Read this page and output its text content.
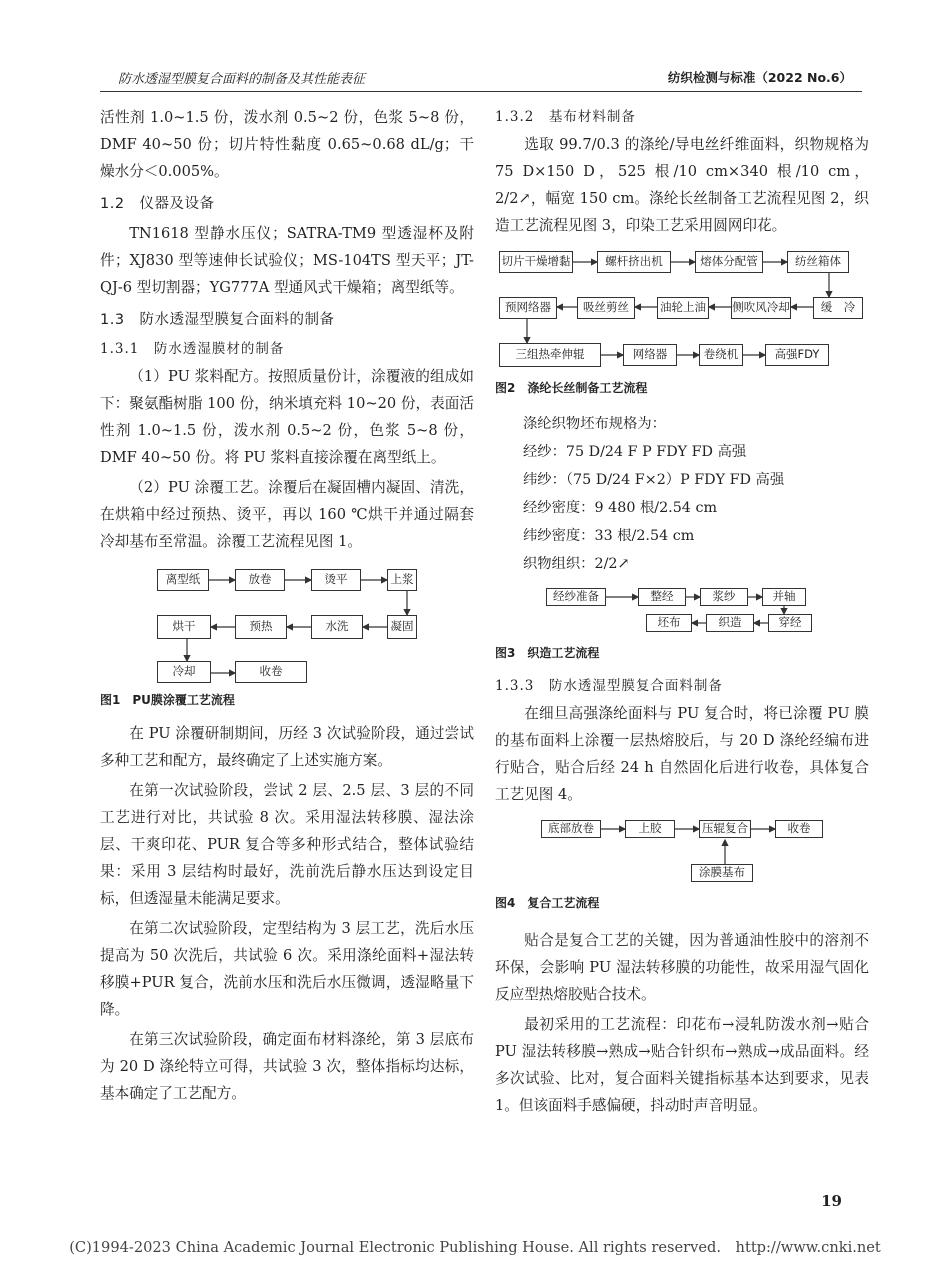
防水透湿型膜复合面料的制备及其性能表征	纺织检测与标准（2022 No.6）

活性剂 1.0~1.5 份，泼水剂 0.5~2 份，色浆 5~8 份，DMF 40~50 份；切片特性黏度 0.65~0.68 dL/g；干燥水分＜0.005%。

1.2　仪器及设备

TN1618 型静水压仪；SATRA-TM9 型透湿杯及附件；XJ830 型等速伸长试验仪；MS-104TS 型天平；JT-QJ-6 型切割器；YG777A 型通风式干燥箱；离型纸等。

1.3　防水透湿型膜复合面料的制备

1.3.1　防水透湿膜材的制备

（1）PU 浆料配方。按照质量份计，涂覆液的组成如下：聚氨酯树脂 100 份，纳米填充料 10~20 份，表面活性剂 1.0~1.5 份，泼水剂 0.5~2 份，色浆 5~8 份，DMF 40~50 份。将 PU 浆料直接涂覆在离型纸上。

（2）PU 涂覆工艺。涂覆后在凝固槽内凝固、清洗，在烘箱中经过预热、烫平，再以 160 ℃烘干并通过隔套冷却基布至常温。涂覆工艺流程见图 1。

离型纸	放卷	烫平	上浆
凝固
水洗
预热
烘干
冷却	收卷

图1　PU膜涂覆工艺流程

在 PU 涂覆研制期间，历经 3 次试验阶段，通过尝试多种工艺和配方，最终确定了上述实施方案。

在第一次试验阶段，尝试 2 层、2.5 层、3 层的不同工艺进行对比，共试验 8 次。采用湿法转移膜、湿法涂层、干爽印花、PUR 复合等多种形式结合，整体试验结果：采用 3 层结构时最好，洗前洗后静水压达到设定目标，但透湿量未能满足要求。

在第二次试验阶段，定型结构为 3 层工艺，洗后水压提高为 50 次洗后，共试验 6 次。采用涤纶面料+湿法转移膜+PUR 复合，洗前水压和洗后水压微调，透湿略量下降。

在第三次试验阶段，确定面布材料涤纶，第 3 层底布为 20 D 涤纶特立可得，共试验 3 次，整体指标均达标，基本确定了工艺配方。

1.3.2　基布材料制备

选取 99.7/0.3 的涤纶/导电丝纤维面料，织物规格为 75 D×150 D，525 根/10 cm×340 根/10 cm，2/2↗，幅宽 150 cm。涤纶长丝制备工艺流程见图 2，织造工艺流程见图 3，印染工艺采用圆网印花。

切片干燥增黏	螺杆挤出机	熔体分配管	纺丝箱体
缓　冷
侧吹风冷却
油轮上油
吸丝剪丝
预网络器
三组热牵伸辊	网络器	卷绕机	高强FDY

图2　涤纶长丝制备工艺流程

涤纶织物坯布规格为：

经纱：75 D/24 F P FDY FD 高强

纬纱：（75 D/24 F×2）P FDY FD 高强

经纱密度：9 480 根/2.54 cm

纬纱密度：33 根/2.54 cm

织物组织：2/2↗

经纱准备	整经	浆纱	并轴
穿经
织造
坯布

图3　织造工艺流程

1.3.3　防水透湿型膜复合面料制备

在细旦高强涤纶面料与 PU 复合时，将已涂覆 PU 膜的基布面料上涂覆一层热熔胶后，与 20 D 涤纶经编布进行贴合，贴合后经 24 h 自然固化后进行收卷，具体复合工艺见图 4。

底部放卷	上胶	压辊复合	收卷
涂膜基布

图4　复合工艺流程

贴合是复合工艺的关键，因为普通油性胶中的溶剂不环保，会影响 PU 湿法转移膜的功能性，故采用湿气固化反应型热熔胶贴合技术。

最初采用的工艺流程：印花布→浸轧防泼水剂→贴合 PU 湿法转移膜→熟成→贴合针织布→熟成→成品面料。经多次试验、比对，复合面料关键指标基本达到要求，见表 1。但该面料手感偏硬，抖动时声音明显。

19
(C)1994-2023 China Academic Journal Electronic Publishing House. All rights reserved.　http://www.cnki.net
